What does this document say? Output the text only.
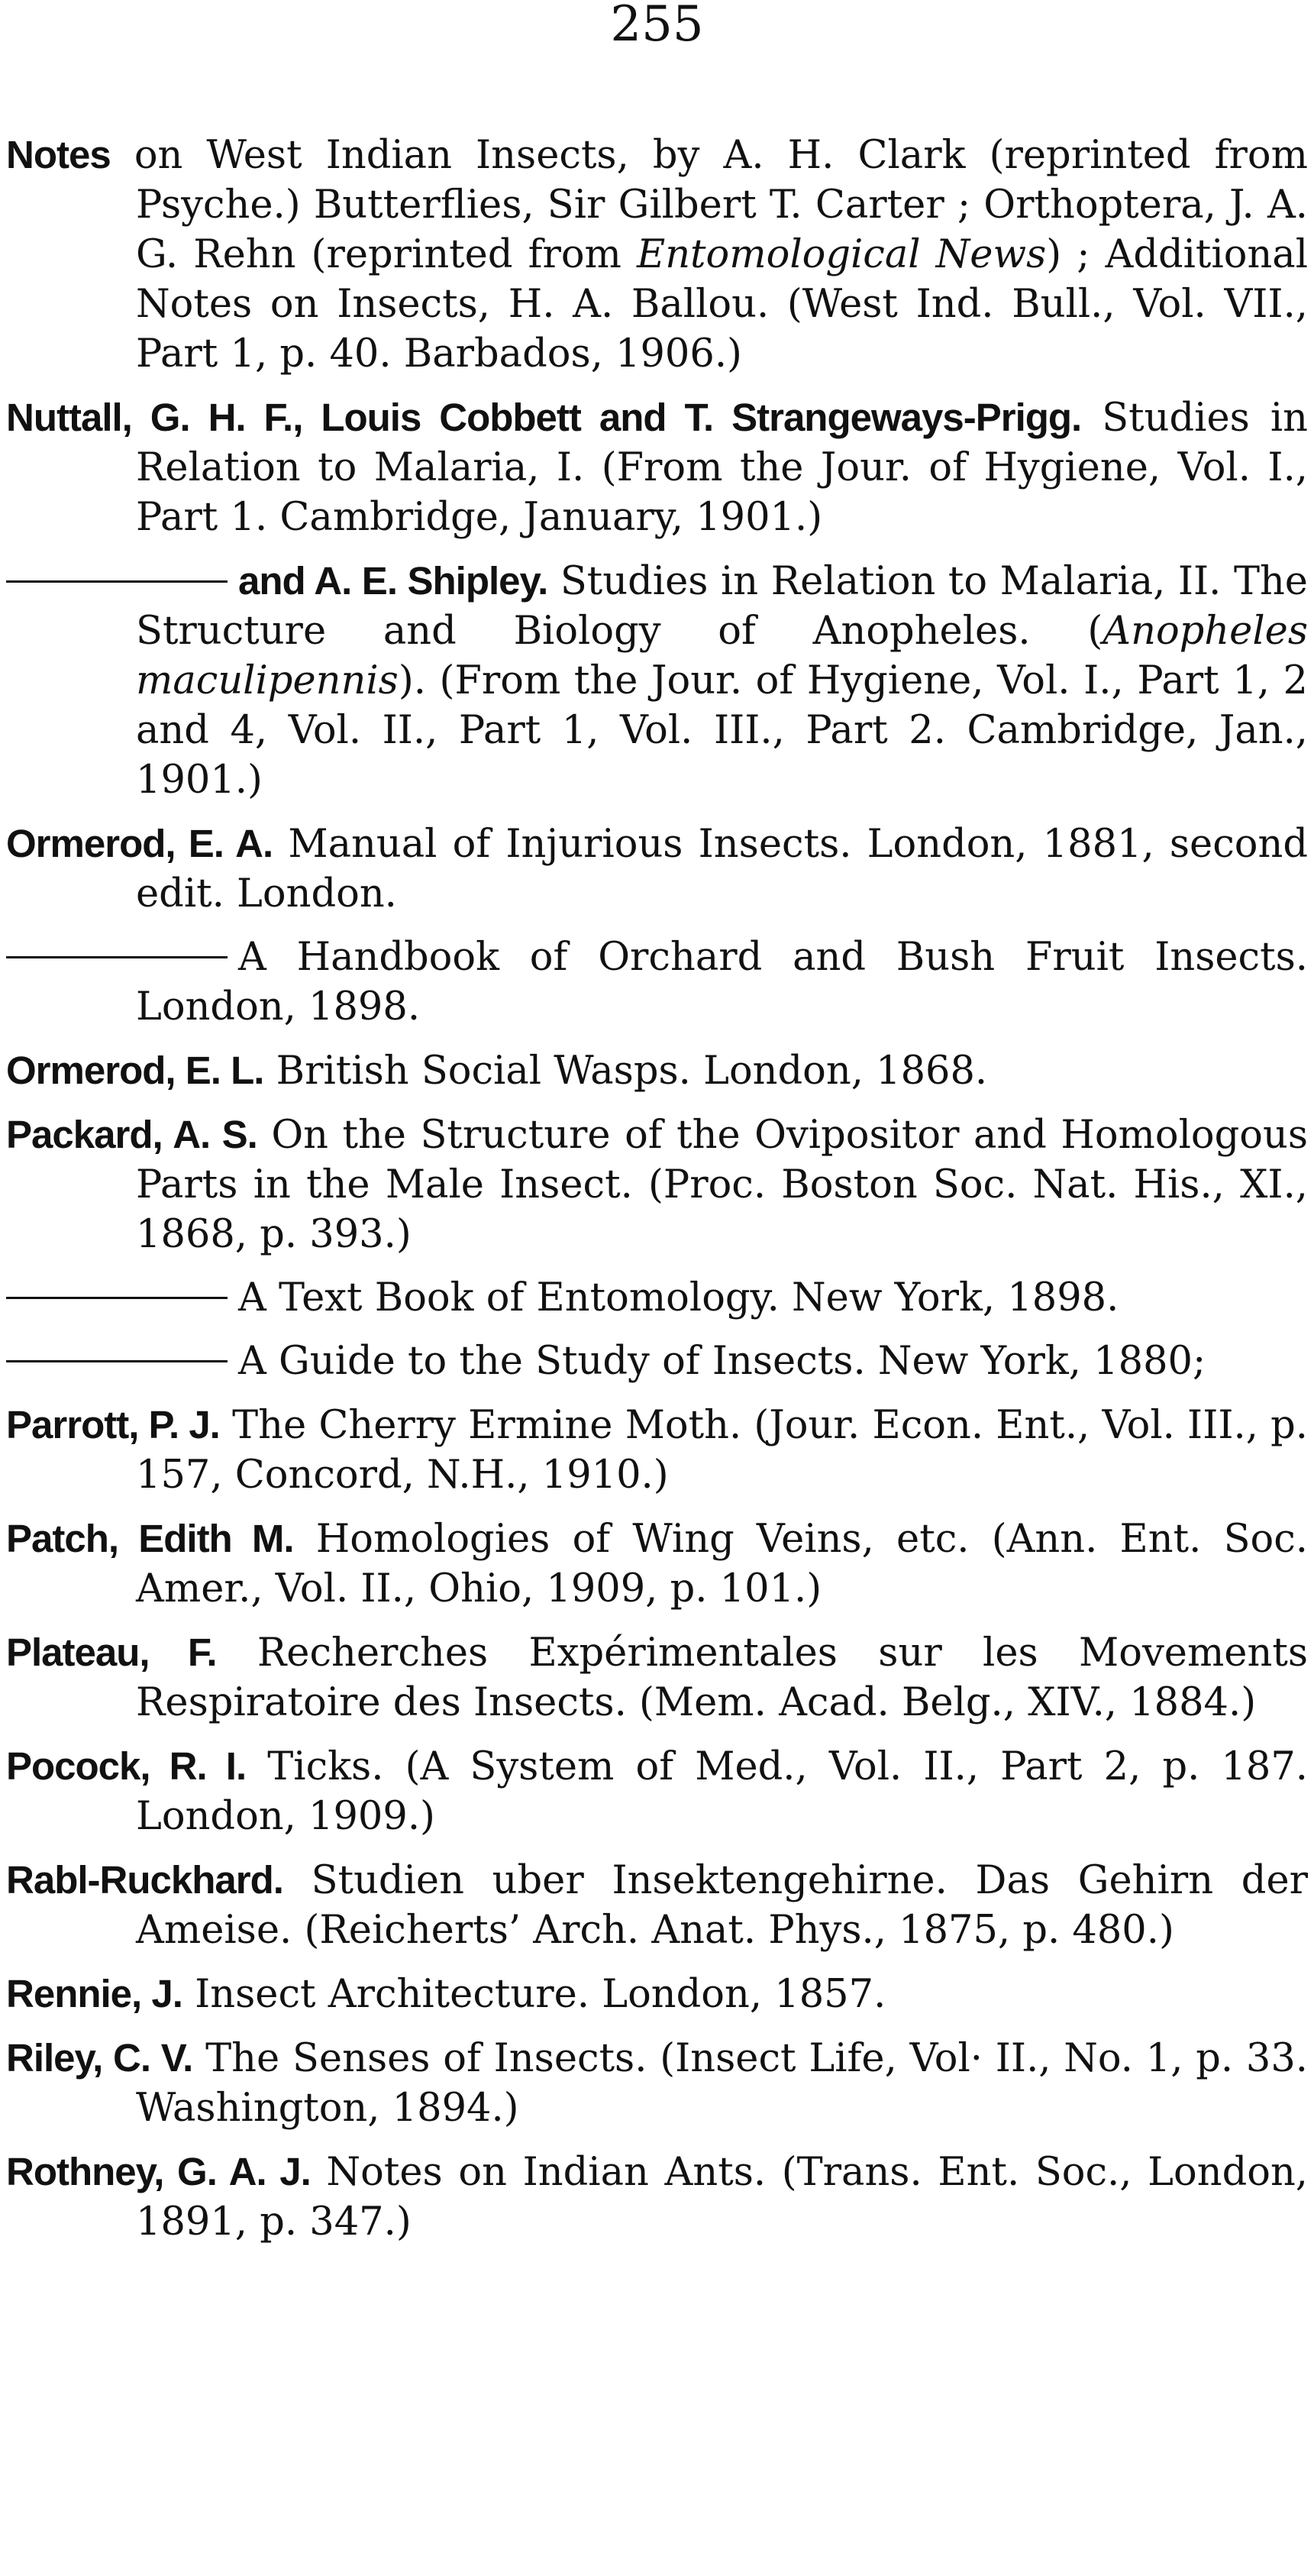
255

Notes on West Indian Insects, by A. H. Clark (reprinted from Psyche.) Butterflies, Sir Gilbert T. Carter ; Orthoptera, J. A. G. Rehn (reprinted from Entomological News) ; Additional Notes on Insects, H. A. Ballou. (West Ind. Bull., Vol. VII., Part 1, p. 40. Barbados, 1906.)

Nuttall, G. H. F., Louis Cobbett and T. Strangeways-Prigg. Studies in Relation to Malaria, I. (From the Jour. of Hygiene, Vol. I., Part 1. Cambridge, January, 1901.)

and A. E. Shipley. Studies in Relation to Malaria, II. The Structure and Biology of Anopheles. (Anopheles maculipennis). (From the Jour. of Hygiene, Vol. I., Part 1, 2 and 4, Vol. II., Part 1, Vol. III., Part 2. Cambridge, Jan., 1901.)

Ormerod, E. A. Manual of Injurious Insects. London, 1881, second edit. London.

A Handbook of Orchard and Bush Fruit Insects. London, 1898.

Ormerod, E. L. British Social Wasps. London, 1868.

Packard, A. S. On the Structure of the Ovipositor and Homologous Parts in the Male Insect. (Proc. Boston Soc. Nat. His., XI., 1868, p. 393.)

A Text Book of Entomology. New York, 1898.

A Guide to the Study of Insects. New York, 1880;

Parrott, P. J. The Cherry Ermine Moth. (Jour. Econ. Ent., Vol. III., p. 157, Concord, N.H., 1910.)

Patch, Edith M. Homologies of Wing Veins, etc. (Ann. Ent. Soc. Amer., Vol. II., Ohio, 1909, p. 101.)

Plateau, F. Recherches Expérimentales sur les Movements Respiratoire des Insects. (Mem. Acad. Belg., XIV., 1884.)

Pocock, R. I. Ticks. (A System of Med., Vol. II., Part 2, p. 187. London, 1909.)

Rabl-Ruckhard. Studien uber Insektengehirne. Das Gehirn der Ameise. (Reicherts’ Arch. Anat. Phys., 1875, p. 480.)

Rennie, J. Insect Architecture. London, 1857.

Riley, C. V. The Senses of Insects. (Insect Life, Vol· II., No. 1, p. 33. Washington, 1894.)

Rothney, G. A. J. Notes on Indian Ants. (Trans. Ent. Soc., London, 1891, p. 347.)
